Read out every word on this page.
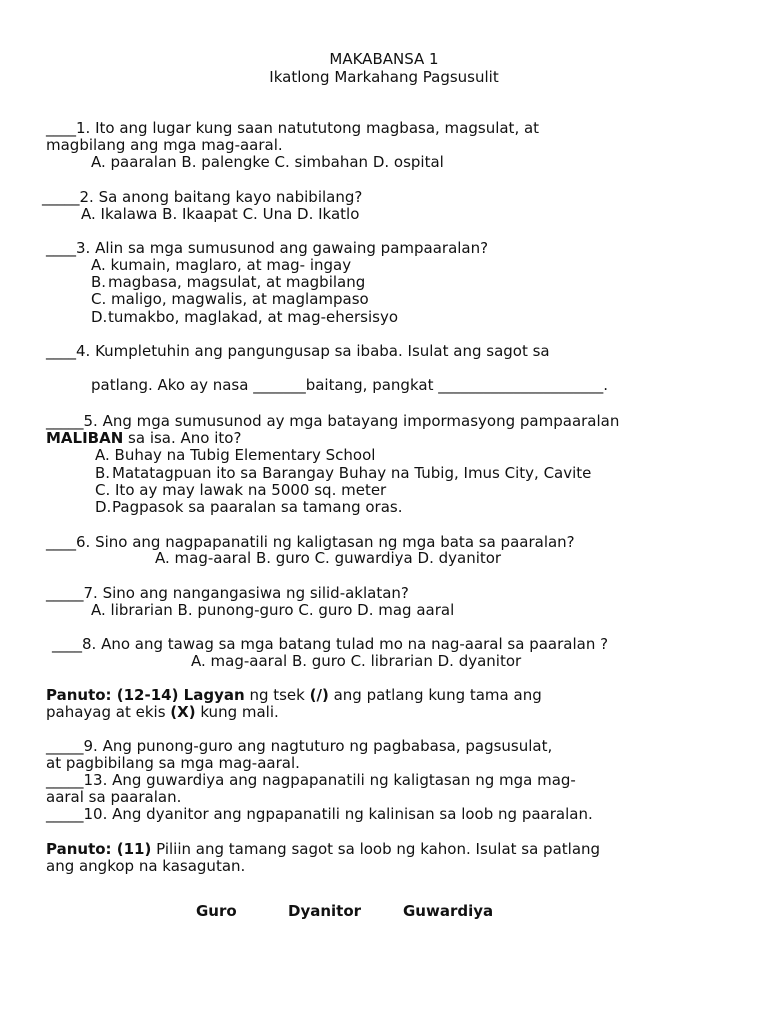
MAKABANSA 1
Ikatlong Markahang Pagsusulit
____1. Ito ang lugar kung saan natututong magbasa, magsulat, at
magbilang ang mga mag-aaral.
A. paaralan B. palengke C. simbahan D. ospital
_____2. Sa anong baitang kayo nabibilang?
A. Ikalawa B. Ikaapat C. Una D. Ikatlo
____3. Alin sa mga sumusunod ang gawaing pampaaralan?
A. kumain, maglaro, at mag- ingay
B. magbasa, magsulat, at magbilang
C. maligo, magwalis, at maglampaso
D.tumakbo, maglakad, at mag-ehersisyo
____4. Kumpletuhin ang pangungusap sa ibaba. Isulat ang sagot sa
patlang. Ako ay nasa _______baitang, pangkat ______________________.
_____5. Ang mga sumusunod ay mga batayang impormasyong pampaaralan
MALIBAN sa isa. Ano ito?
A. Buhay na Tubig Elementary School
B. Matatagpuan ito sa Barangay Buhay na Tubig, Imus City, Cavite
C. Ito ay may lawak na 5000 sq. meter
D.Pagpasok sa paaralan sa tamang oras.
____6. Sino ang nagpapanatili ng kaligtasan ng mga bata sa paaralan?
A. mag-aaral B. guro C. guwardiya D. dyanitor
_____7. Sino ang nangangasiwa ng silid-aklatan?
A. librarian B. punong-guro C. guro D. mag aaral
____8. Ano ang tawag sa mga batang tulad mo na nag-aaral sa paaralan ?
A. mag-aaral B. guro C. librarian D. dyanitor
Panuto: (12-14) Lagyan ng tsek (/) ang patlang kung tama ang
pahayag at ekis (X) kung mali.
_____9. Ang punong-guro ang nagtuturo ng pagbabasa, pagsusulat,
at pagbibilang sa mga mag-aaral.
_____13. Ang guwardiya ang nagpapanatili ng kaligtasan ng mga mag-
aaral sa paaralan.
_____10. Ang dyanitor ang ngpapanatili ng kalinisan sa loob ng paaralan.
Panuto: (11) Piliin ang tamang sagot sa loob ng kahon. Isulat sa patlang
ang angkop na kasagutan.
Guro	Dyanitor	Guwardiya
